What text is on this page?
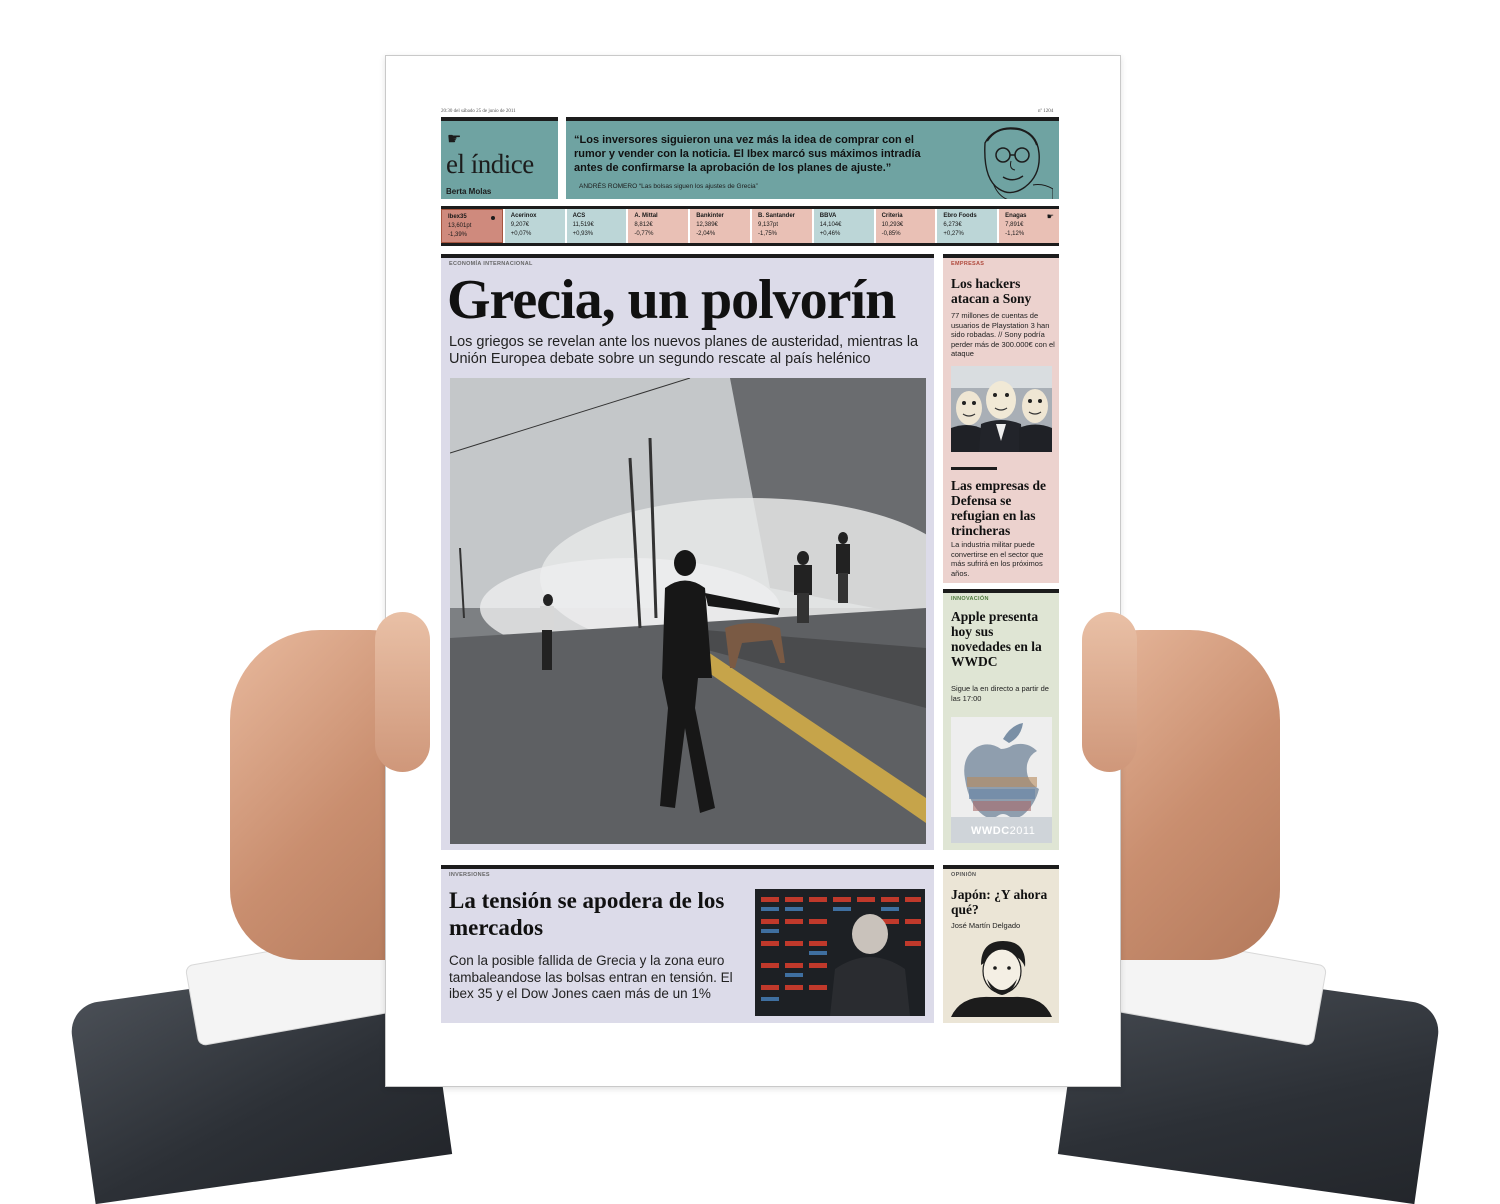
20:30 del sábado 25 de junio de 2011	nº 1204
☛
el índice
Berta Molas
“Los inversores siguieron una vez más la idea de comprar con el rumor y vender con la noticia. El Ibex marcó sus máximos intradía antes de confirmarse la aprobación de los planes de ajuste.”
ANDRÉS ROMERO “Las bolsas siguen los ajustes de Grecia”
Ibex35
13,601pt
-1,39%
Acerinox
9,207€
+0,07%
ACS
11,519€
+0,93%
A. Mittal
8,812€
-0,77%
Bankinter
12,389€
-2,04%
B. Santander
9,137pt
-1,75%
BBVA
14,104€
+0,46%
Criteria
10,293€
-0,85%
Ebro Foods
6,273€
+0,27%
Enagas
7,891€
-1,12%
☛
ECONOMÍA INTERNACIONAL
Grecia, un polvorín
Los griegos se revelan ante los nuevos planes de austeridad, mientras la Unión Europea debate sobre un segundo rescate al país helénico
EMPRESAS
Los hackers atacan a Sony
77 millones de cuentas de usuarios de Playstation 3 han sido robadas. // Sony podría perder más de 300.000€ con el ataque
Las empresas de Defensa se refugian en las trincheras
La industria militar puede convertirse en el sector que más sufrirá en los próximos años.
INNOVACIÓN
Apple presenta hoy sus novedades en la WWDC
Sigue la en directo a partir de las 17:00
WWDC2011
INVERSIONES
La tensión se apodera de los mercados
Con la posible fallida de Grecia y la zona euro tambaleandose las bolsas entran en tensión. El ibex 35 y el Dow Jones caen más de un 1%
OPINIÓN
Japón: ¿Y ahora qué?
José Martín Delgado
